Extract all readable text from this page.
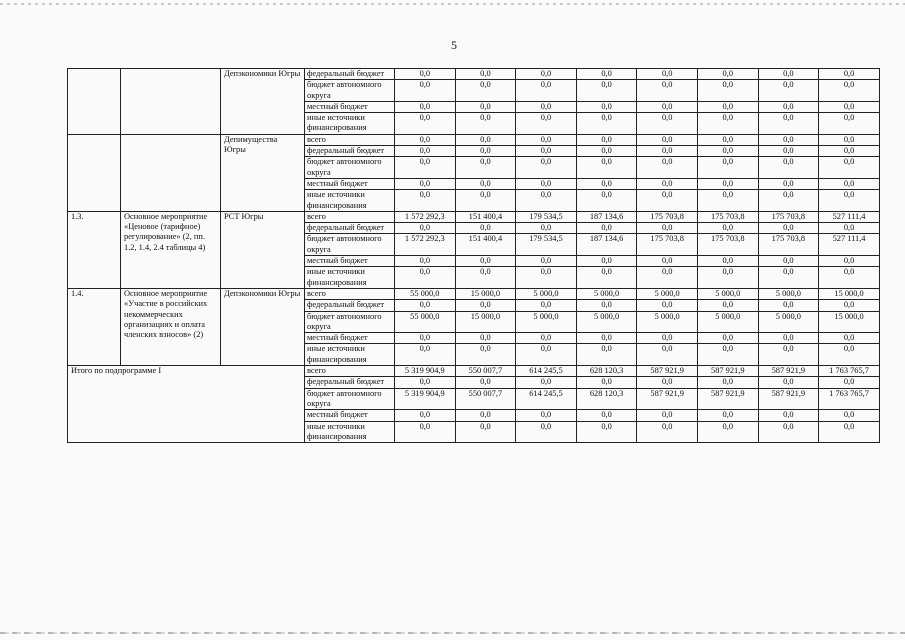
5
		Депэкономики Югры	федеральный бюджет	0,0	0,0	0,0	0,0	0,0	0,0	0,0	0,0
			бюджет автономного округа	0,0	0,0	0,0	0,0	0,0	0,0	0,0	0,0
			местный бюджет	0,0	0,0	0,0	0,0	0,0	0,0	0,0	0,0
			иные источники финансирования	0,0	0,0	0,0	0,0	0,0	0,0	0,0	0,0
		Депимущества Югры	всего	0,0	0,0	0,0	0,0	0,0	0,0	0,0	0,0
			федеральный бюджет	0,0	0,0	0,0	0,0	0,0	0,0	0,0	0,0
			бюджет автономного округа	0,0	0,0	0,0	0,0	0,0	0,0	0,0	0,0
			местный бюджет	0,0	0,0	0,0	0,0	0,0	0,0	0,0	0,0
			иные источники финансирования	0,0	0,0	0,0	0,0	0,0	0,0	0,0	0,0
1.3.	Основное мероприятие «Ценовое (тарифное) регулирование» (2, пп. 1.2, 1.4, 2.4 таблицы 4)	РСТ Югры	всего	1 572 292,3	151 400,4	179 534,5	187 134,6	175 703,8	175 703,8	175 703,8	527 111,4
			федеральный бюджет	0,0	0,0	0,0	0,0	0,0	0,0	0,0	0,0
			бюджет автономного округа	1 572 292,3	151 400,4	179 534,5	187 134,6	175 703,8	175 703,8	175 703,8	527 111,4
			местный бюджет	0,0	0,0	0,0	0,0	0,0	0,0	0,0	0,0
			иные источники финансирования	0,0	0,0	0,0	0,0	0,0	0,0	0,0	0,0
1.4.	Основное мероприятие «Участие в российских некоммерческих организациях и оплата членских взносов» (2)	Депэкономики Югры	всего	55 000,0	15 000,0	5 000,0	5 000,0	5 000,0	5 000,0	5 000,0	15 000,0
			федеральный бюджет	0,0	0,0	0,0	0,0	0,0	0,0	0,0	0,0
			бюджет автономного округа	55 000,0	15 000,0	5 000,0	5 000,0	5 000,0	5 000,0	5 000,0	15 000,0
			местный бюджет	0,0	0,0	0,0	0,0	0,0	0,0	0,0	0,0
			иные источники финансирования	0,0	0,0	0,0	0,0	0,0	0,0	0,0	0,0
Итого по подпрограмме I			всего	5 319 904,9	550 007,7	614 245,5	628 120,3	587 921,9	587 921,9	587 921,9	1 763 765,7
			федеральный бюджет	0,0	0,0	0,0	0,0	0,0	0,0	0,0	0,0
			бюджет автономного округа	5 319 904,9	550 007,7	614 245,5	628 120,3	587 921,9	587 921,9	587 921,9	1 763 765,7
			местный бюджет	0,0	0,0	0,0	0,0	0,0	0,0	0,0	0,0
			иные источники финансирования	0,0	0,0	0,0	0,0	0,0	0,0	0,0	0,0
